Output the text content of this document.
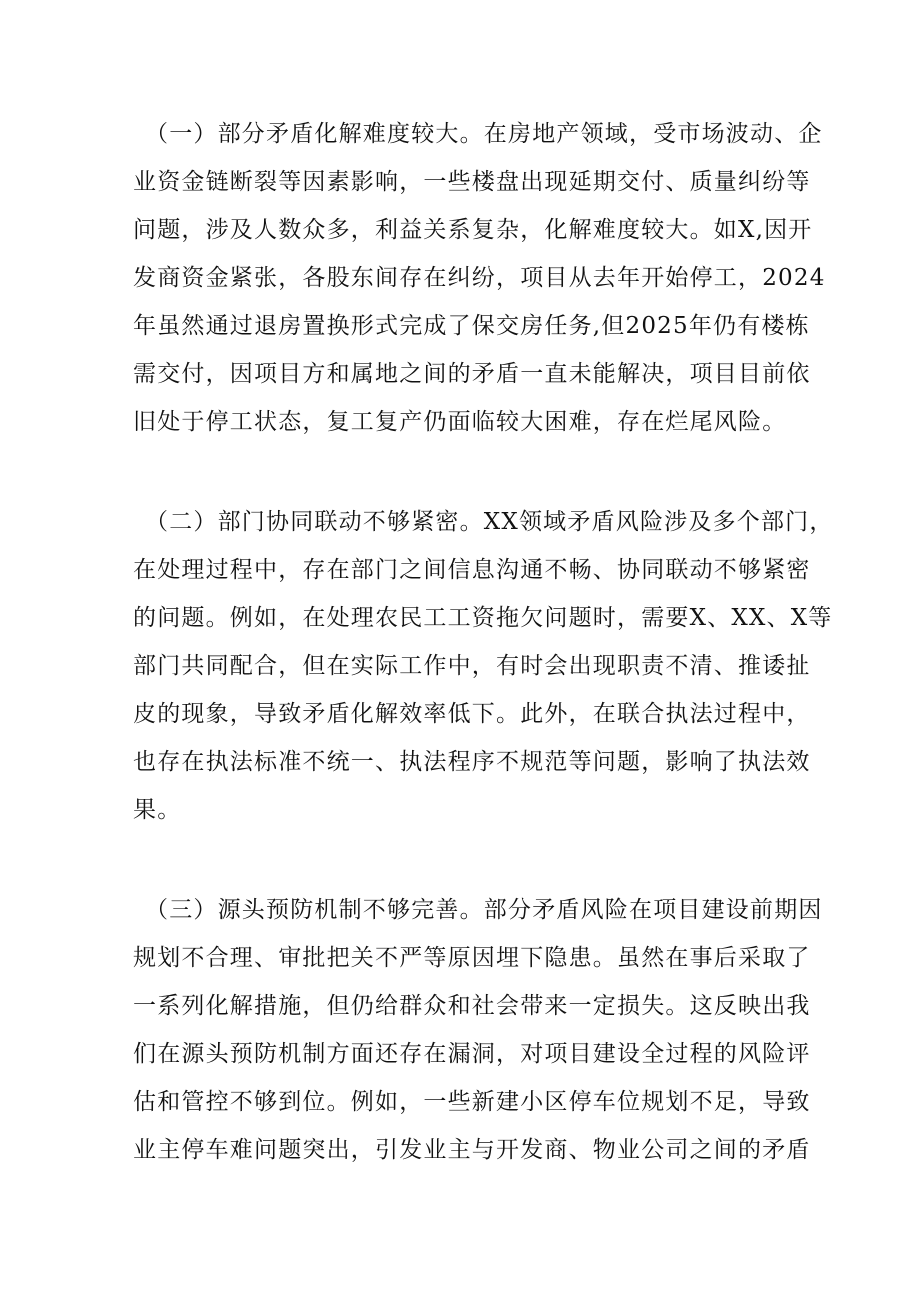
（一）部分矛盾化解难度较大。在房地产领域，受市场波动、企
业资金链断裂等因素影响，一些楼盘出现延期交付、质量纠纷等
问题，涉及人数众多，利益关系复杂，化解难度较大。如X,因开
发商资金紧张，各股东间存在纠纷，项目从去年开始停工，2024
年虽然通过退房置换形式完成了保交房任务,但2025年仍有楼栋
需交付，因项目方和属地之间的矛盾一直未能解决，项目目前依
旧处于停工状态，复工复产仍面临较大困难，存在烂尾风险。
（二）部门协同联动不够紧密。XX领域矛盾风险涉及多个部门，
在处理过程中，存在部门之间信息沟通不畅、协同联动不够紧密
的问题。例如，在处理农民工工资拖欠问题时，需要X、XX、X等
部门共同配合，但在实际工作中，有时会出现职责不清、推诿扯
皮的现象，导致矛盾化解效率低下。此外，在联合执法过程中，
也存在执法标准不统一、执法程序不规范等问题，影响了执法效
果。
（三）源头预防机制不够完善。部分矛盾风险在项目建设前期因
规划不合理、审批把关不严等原因埋下隐患。虽然在事后采取了
一系列化解措施，但仍给群众和社会带来一定损失。这反映出我
们在源头预防机制方面还存在漏洞，对项目建设全过程的风险评
估和管控不够到位。例如，一些新建小区停车位规划不足，导致
业主停车难问题突出，引发业主与开发商、物业公司之间的矛盾
